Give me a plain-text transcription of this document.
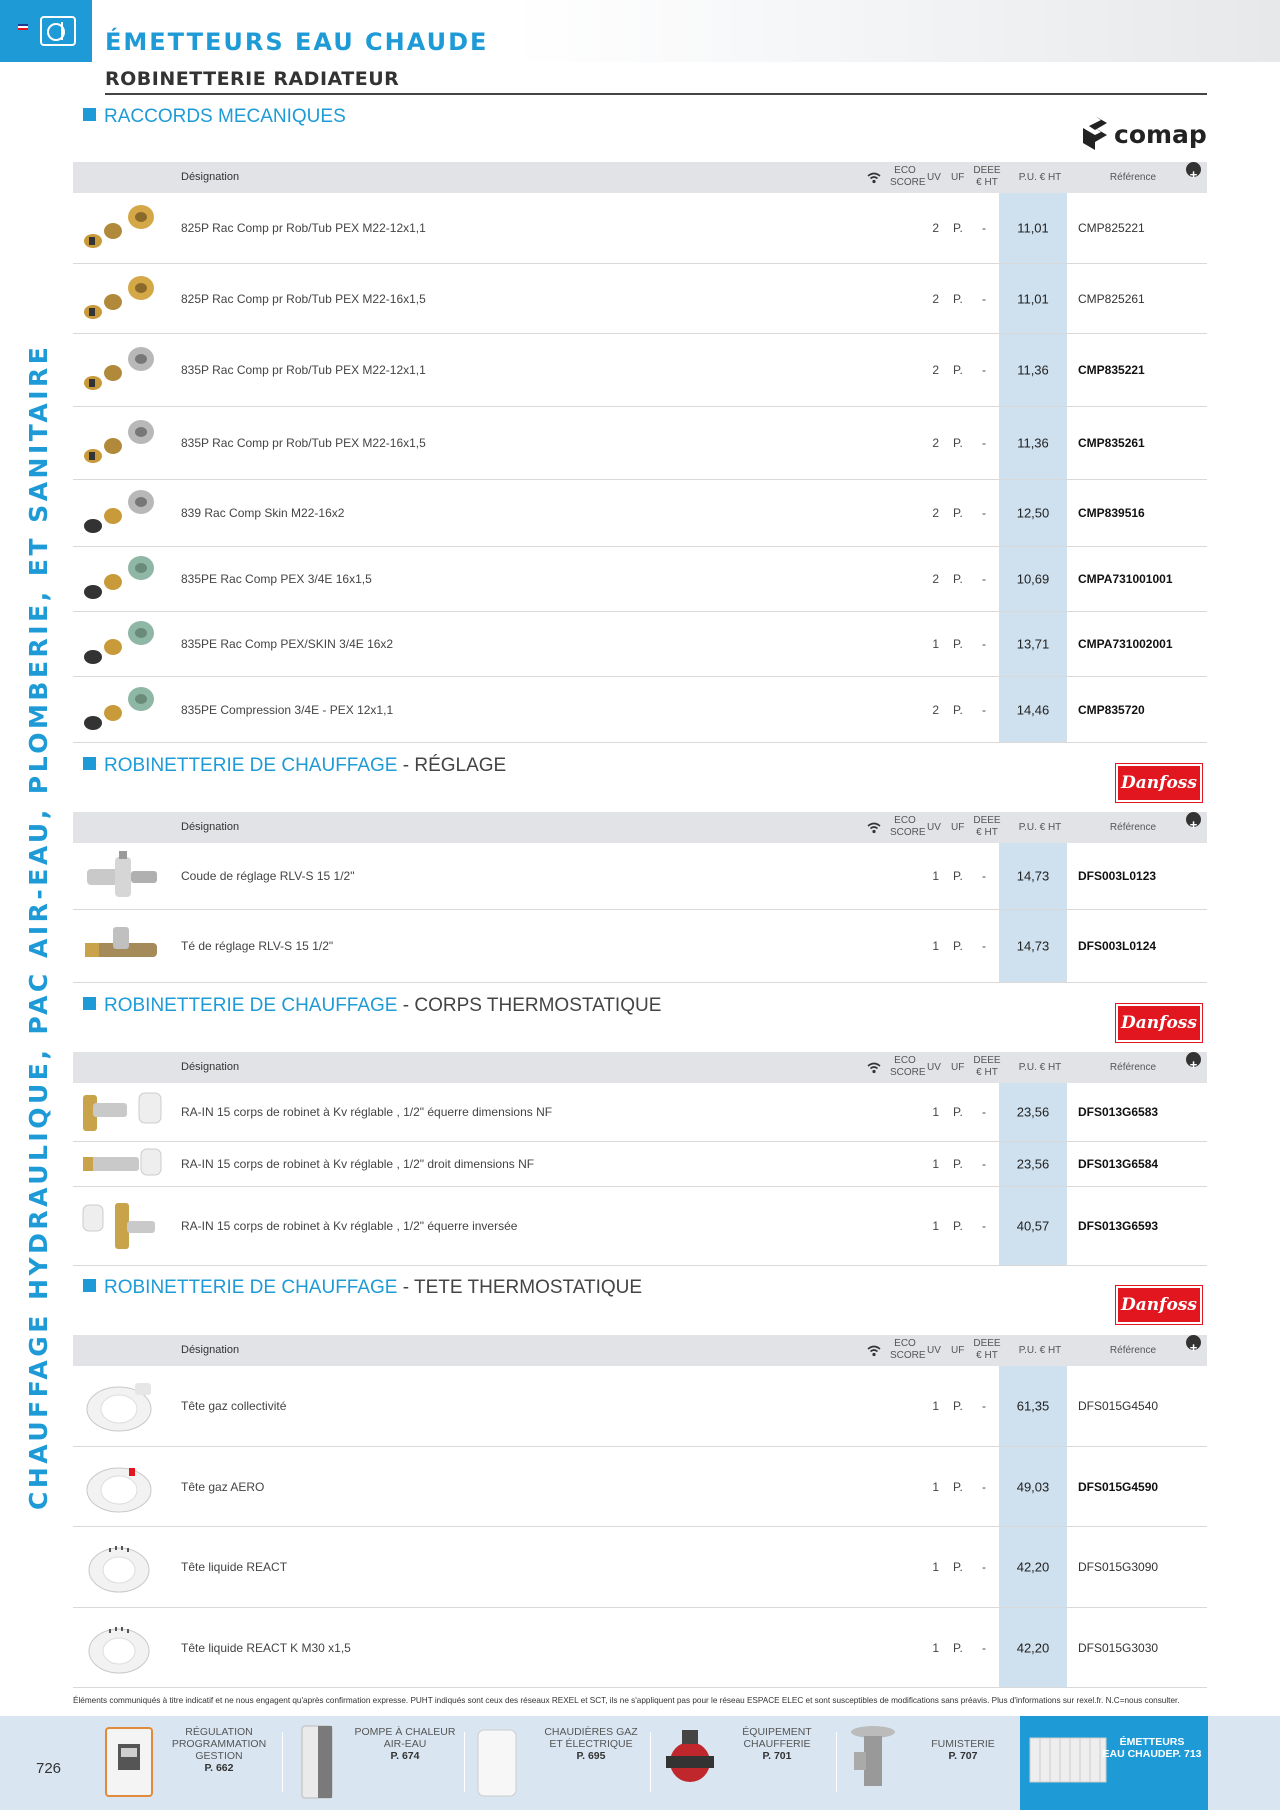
ÉMETTEURS EAU CHAUDE
ROBINETTERIE RADIATEUR
CHAUFFAGE HYDRAULIQUE, PAC AIR-EAU, PLOMBERIE, ET SANITAIRE
RACCORDS MECANIQUES
comap
Désignation
ECO
SCORE UV UF
DEEE
€ HT	P.U. € HT	Référence
+
825P Rac Comp pr Rob/Tub PEX M22-12x1,1	2 P. -	11,01	CMP825221
825P Rac Comp pr Rob/Tub PEX M22-16x1,5	2 P. -	11,01	CMP825261
835P Rac Comp pr Rob/Tub PEX M22-12x1,1	2 P. -	11,36	CMP835221
835P Rac Comp pr Rob/Tub PEX M22-16x1,5	2 P. -	11,36	CMP835261
839 Rac Comp Skin M22-16x2	2 P. -	12,50	CMP839516
835PE Rac Comp PEX 3/4E 16x1,5	2 P. -	10,69	CMPA731001001
835PE Rac Comp PEX/SKIN 3/4E 16x2	1 P. -	13,71	CMPA731002001
835PE Compression 3/4E - PEX 12x1,1	2 P. -	14,46	CMP835720
ROBINETTERIE DE CHAUFFAGE - RÉGLAGE
Danfoss
Désignation
ECO
SCORE UV UF
DEEE
€ HT	P.U. € HT	Référence
+
Coude de réglage RLV-S 15 1/2"	1 P. -	14,73	DFS003L0123
Té de réglage RLV-S 15 1/2"	1 P. -	14,73	DFS003L0124
ROBINETTERIE DE CHAUFFAGE - CORPS THERMOSTATIQUE
Danfoss
Désignation
ECO
SCORE UV UF
DEEE
€ HT	P.U. € HT	Référence
+
RA-IN 15 corps de robinet à Kv réglable , 1/2" équerre dimensions NF	1 P. -	23,56	DFS013G6583
RA-IN 15 corps de robinet à Kv réglable , 1/2" droit dimensions NF	1 P. -	23,56	DFS013G6584
RA-IN 15 corps de robinet à Kv réglable , 1/2" équerre inversée	1 P. -	40,57	DFS013G6593
ROBINETTERIE DE CHAUFFAGE - TETE THERMOSTATIQUE
Danfoss
Désignation
ECO
SCORE UV UF
DEEE
€ HT	P.U. € HT	Référence
+
Tête gaz collectivité	1 P. -	61,35	DFS015G4540
Tête gaz AERO	1 P. -	49,03	DFS015G4590
Tête liquide REACT	1 P. -	42,20	DFS015G3090
Tête liquide REACT K M30 x1,5	1 P. -	42,20	DFS015G3030
Éléments communiqués à titre indicatif et ne nous engagent qu'après confirmation expresse. PUHT indiqués sont ceux des réseaux REXEL et SCT, ils ne s'appliquent pas pour le réseau ESPACE ELEC et sont susceptibles de modifications sans préavis. Plus d'informations sur rexel.fr. N.C=nous consulter.
726
RÉGULATION
PROGRAMMATION
GESTION
P. 662
POMPE À CHALEUR
AIR-EAU

P. 674
CHAUDIÈRES GAZ
ET ÉLECTRIQUE

P. 695
ÉQUIPEMENT
CHAUFFERIE

P. 701
FUMISTERIE

P. 707
ÉMETTEURS
EAU CHAUDEP. 713
